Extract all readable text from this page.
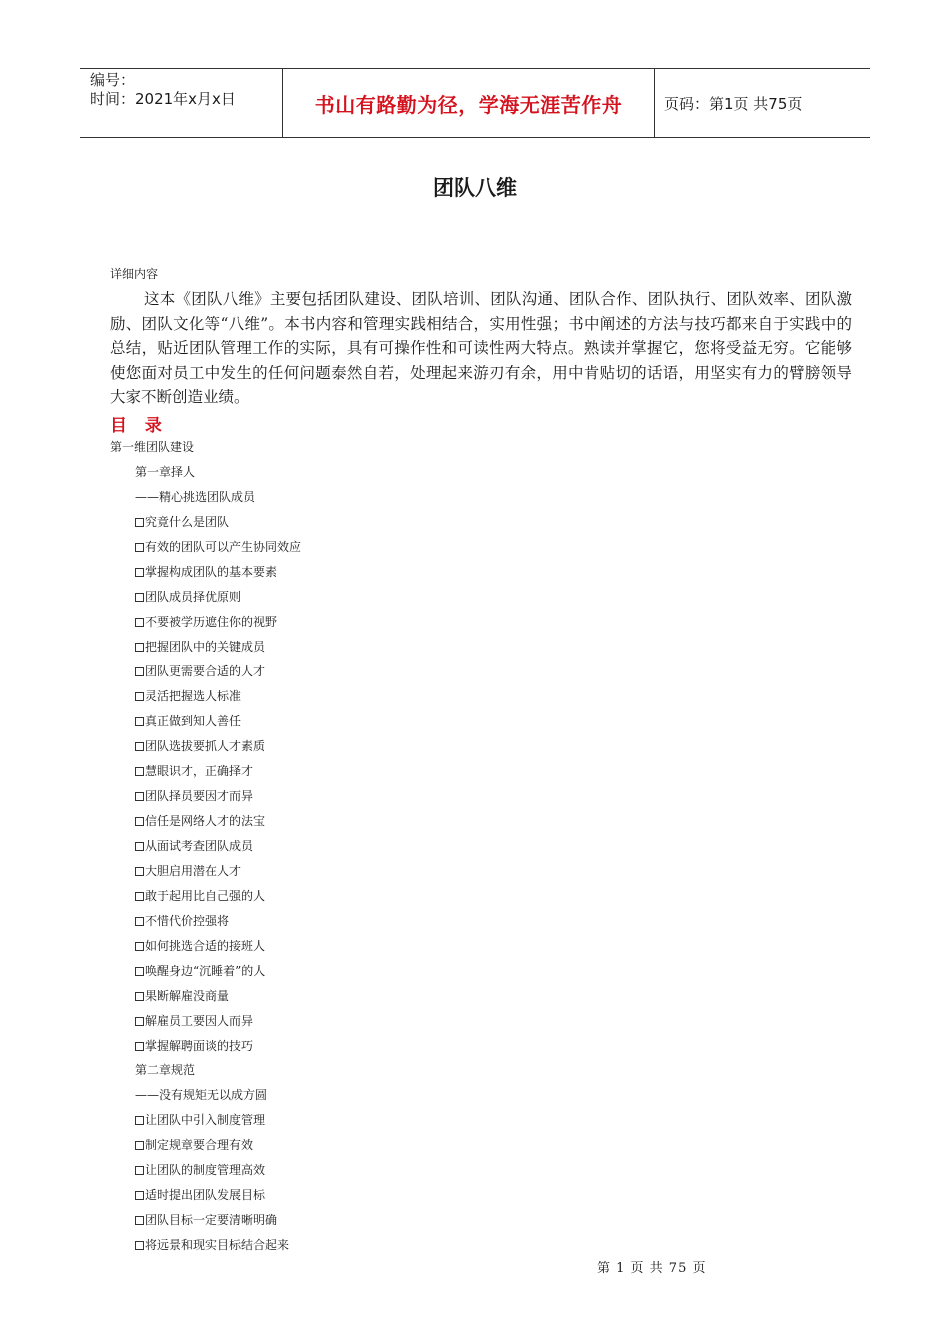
编号：
时间：2021年x月x日	书山有路勤为径，学海无涯苦作舟	页码：第1页 共75页
团队八维
详细内容

这本《团队八维》主要包括团队建设、团队培训、团队沟通、团队合作、团队执行、团队效率、团队激励、团队文化等“八维”。本书内容和管理实践相结合，实用性强；书中阐述的方法与技巧都来自于实践中的总结，贴近团队管理工作的实际，具有可操作性和可读性两大特点。熟读并掌握它，您将受益无穷。它能够使您面对员工中发生的任何问题泰然自若，处理起来游刃有余，用中肯贴切的话语，用坚实有力的臂膀领导大家不断创造业绩。

目 录
第一维团队建设
第一章择人
——精心挑选团队成员
究竟什么是团队
有效的团队可以产生协同效应
掌握构成团队的基本要素
团队成员择优原则
不要被学历遮住你的视野
把握团队中的关键成员
团队更需要合适的人才
灵活把握选人标准
真正做到知人善任
团队选拔要抓人才素质
慧眼识才，正确择才
团队择员要因才而异
信任是网络人才的法宝
从面试考查团队成员
大胆启用潜在人才
敢于起用比自己强的人
不惜代价控强将
如何挑选合适的接班人
唤醒身边“沉睡着”的人
果断解雇没商量
解雇员工要因人而异
掌握解聘面谈的技巧
第二章规范
——没有规矩无以成方圆
让团队中引入制度管理
制定规章要合理有效
让团队的制度管理高效
适时提出团队发展目标
团队目标一定要清晰明确
将远景和现实目标结合起来
第 1 页 共 75 页
